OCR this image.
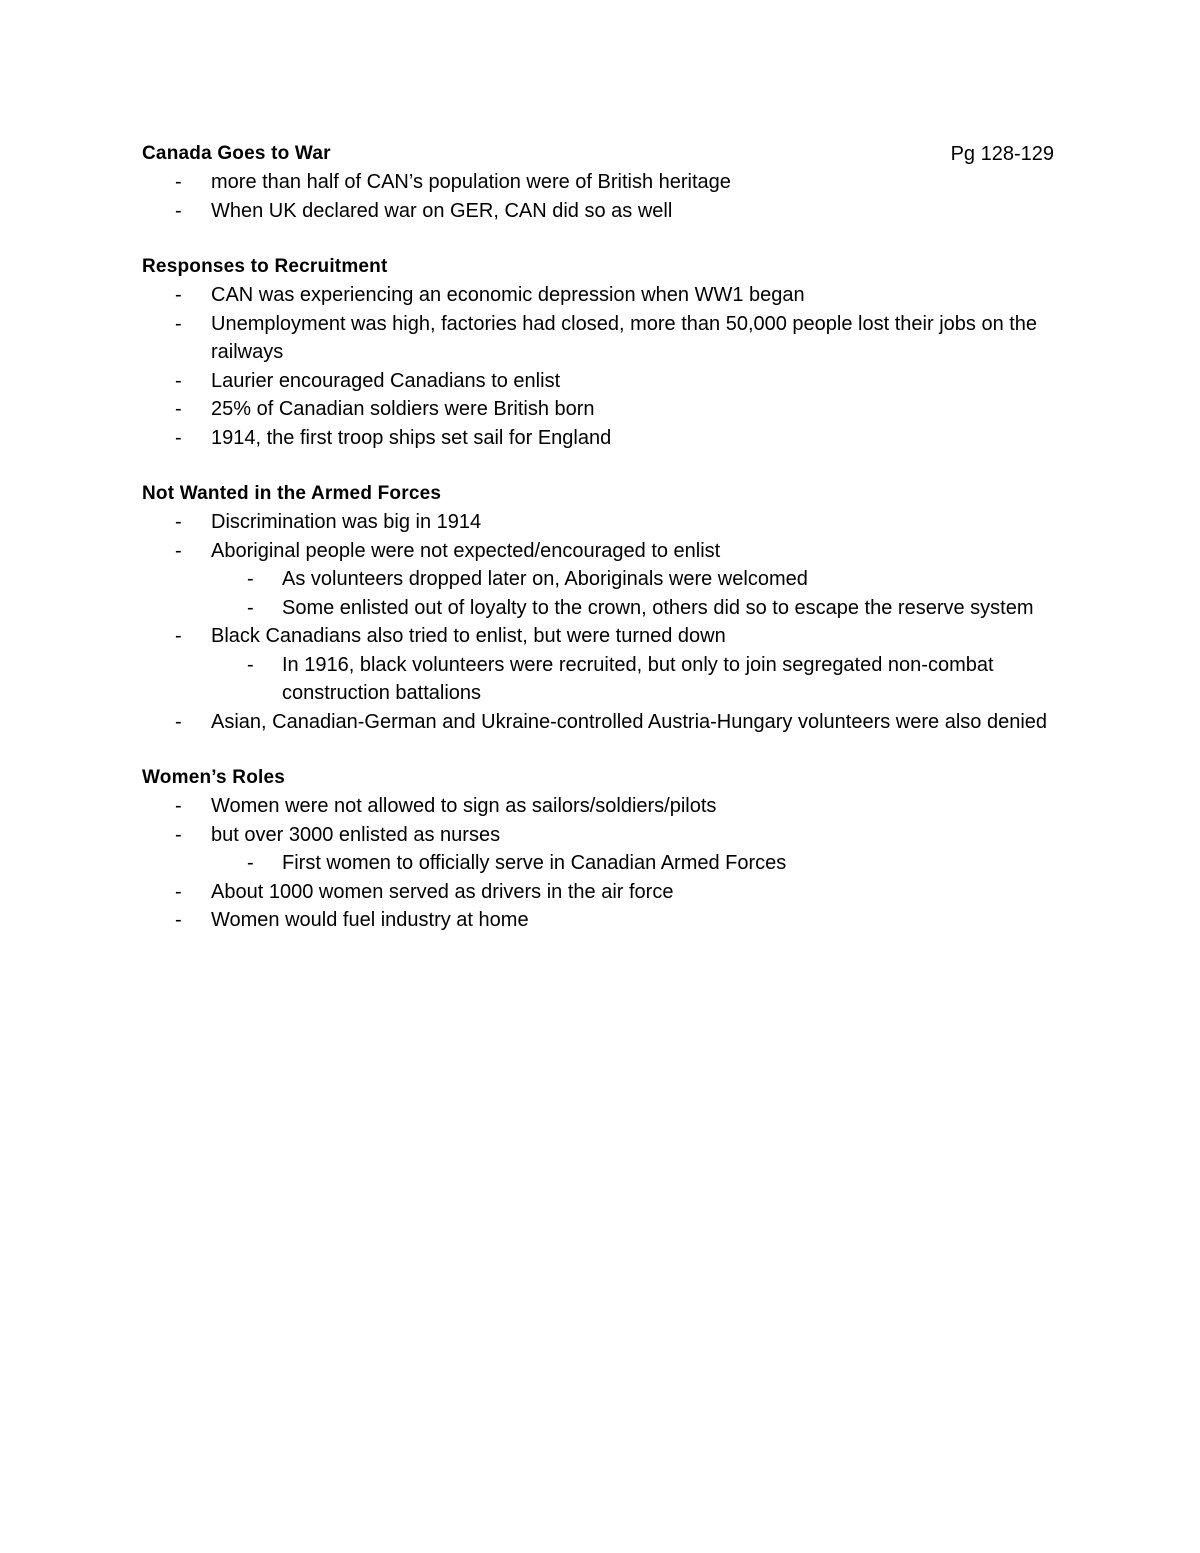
Canada Goes to War	Pg 128-129
- more than half of CAN’s population were of British heritage
- When UK declared war on GER, CAN did so as well
Responses to Recruitment
- CAN was experiencing an economic depression when WW1 began
- Unemployment was high, factories had closed, more than 50,000 people lost their jobs on the railways
- Laurier encouraged Canadians to enlist
- 25% of Canadian soldiers were British born
- 1914, the first troop ships set sail for England
Not Wanted in the Armed Forces
- Discrimination was big in 1914
- Aboriginal people were not expected/encouraged to enlist
- As volunteers dropped later on, Aboriginals were welcomed
- Some enlisted out of loyalty to the crown, others did so to escape the reserve system
- Black Canadians also tried to enlist, but were turned down
- In 1916, black volunteers were recruited, but only to join segregated non-combat construction battalions
- Asian, Canadian-German and Ukraine-controlled Austria-Hungary volunteers were also denied
Women’s Roles
- Women were not allowed to sign as sailors/soldiers/pilots
- but over 3000 enlisted as nurses
- First women to officially serve in Canadian Armed Forces
- About 1000 women served as drivers in the air force
- Women would fuel industry at home
